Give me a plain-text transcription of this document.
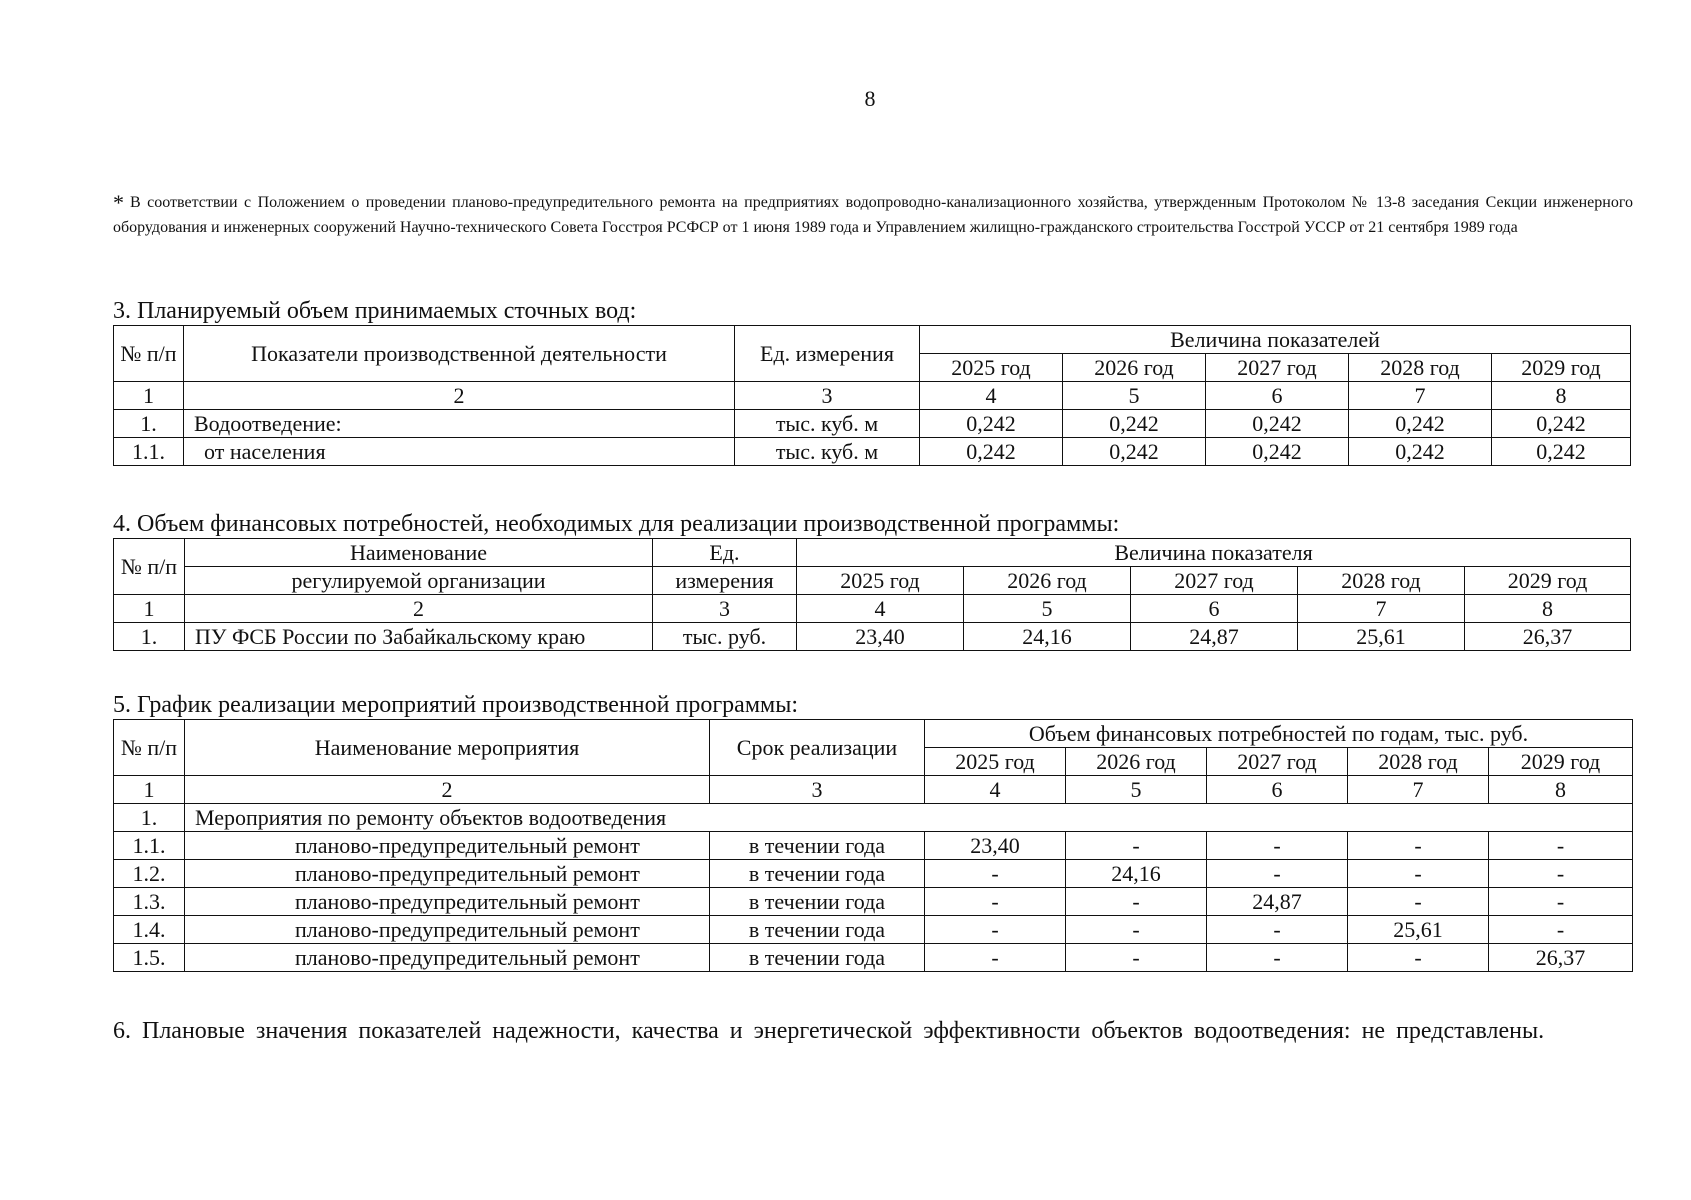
8
* В соответствии с Положением о проведении планово-предупредительного ремонта на предприятиях водопроводно-канализационного хозяйства, утвержденным Протоколом № 13-8 заседания Секции инженерного оборудования и инженерных сооружений Научно-технического Совета Госстроя РСФСР от 1 июня 1989 года и Управлением жилищно-гражданского строительства Госстрой УССР от 21 сентября 1989 года
3. Планируемый объем принимаемых сточных вод:
№ п/п	Показатели производственной деятельности	Ед. измерения	Величина показателей				
			2025 год	2026 год	2027 год	2028 год	2029 год
1	2	3	4	5	6	7	8
1.	Водоотведение:	тыс. куб. м	0,242	0,242	0,242	0,242	0,242
1.1.	от населения	тыс. куб. м	0,242	0,242	0,242	0,242	0,242
4. Объем финансовых потребностей, необходимых для реализации производственной программы:
№ п/п	Наименование	Ед.	Величина показателя				
	регулируемой организации	измерения	2025 год	2026 год	2027 год	2028 год	2029 год
1	2	3	4	5	6	7	8
1.	ПУ ФСБ России по Забайкальскому краю	тыс. руб.	23,40	24,16	24,87	25,61	26,37
5. График реализации мероприятий производственной программы:
№ п/п	Наименование мероприятия	Срок реализации	Объем финансовых потребностей по годам, тыс. руб.				
			2025 год	2026 год	2027 год	2028 год	2029 год
1	2	3	4	5	6	7	8
1.	Мероприятия по ремонту объектов водоотведения						
1.1.	планово-предупредительный ремонт	в течении года	23,40	-	-	-	-
1.2.	планово-предупредительный ремонт	в течении года	-	24,16	-	-	-
1.3.	планово-предупредительный ремонт	в течении года	-	-	24,87	-	-
1.4.	планово-предупредительный ремонт	в течении года	-	-	-	25,61	-
1.5.	планово-предупредительный ремонт	в течении года	-	-	-	-	26,37
6. Плановые значения показателей надежности, качества и энергетической эффективности объектов водоотведения: не представлены.
